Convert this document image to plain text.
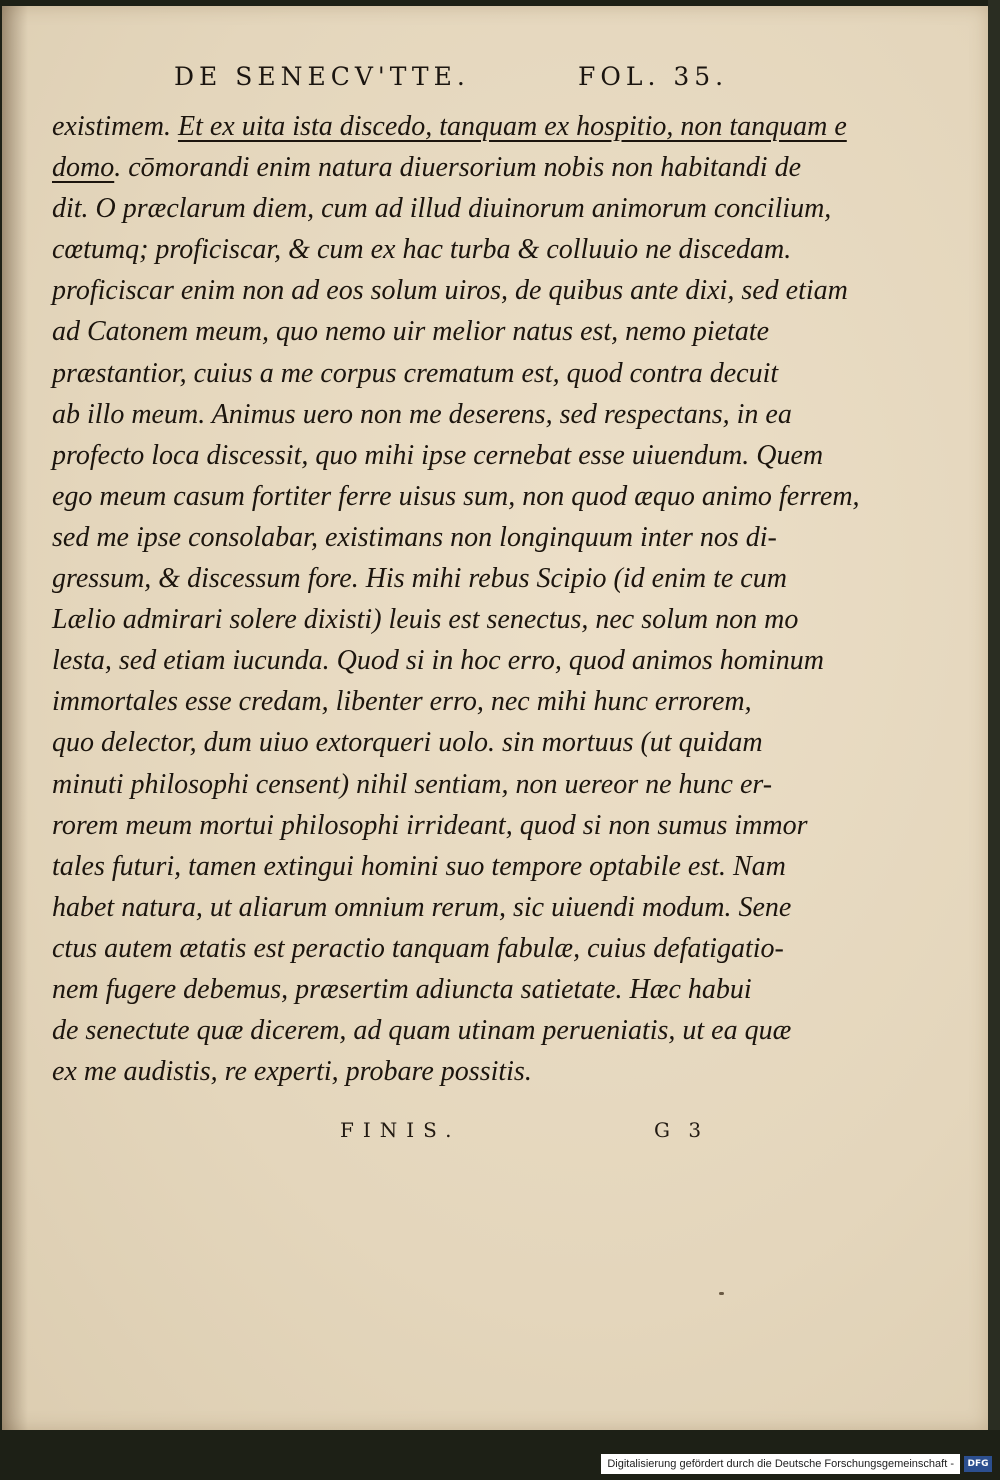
DE SENECV'TTE.	FOL. 35.
existimem. Et ex uita ista discedo, tanquam ex hospitio, non tanquam e
domo. cōmorandi enim natura diuersorium nobis non habitandi de
dit. O præclarum diem, cum ad illud diuinorum animorum concilium,
cœtumq; proficiscar, & cum ex hac turba & colluuio ne discedam.
proficiscar enim non ad eos solum uiros, de quibus ante dixi, sed etiam
ad Catonem meum, quo nemo uir melior natus est, nemo pietate
præstantior, cuius a me corpus crematum est, quod contra decuit
ab illo meum. Animus uero non me deserens, sed respectans, in ea
profecto loca discessit, quo mihi ipse cernebat esse uiuendum. Quem
ego meum casum fortiter ferre uisus sum, non quod æquo animo ferrem,
sed me ipse consolabar, existimans non longinquum inter nos di-
gressum, & discessum fore. His mihi rebus Scipio (id enim te cum
Lælio admirari solere dixisti) leuis est senectus, nec solum non mo
lesta, sed etiam iucunda. Quod si in hoc erro, quod animos hominum
immortales esse credam, libenter erro, nec mihi hunc errorem,
quo delector, dum uiuo extorqueri uolo. sin mortuus (ut quidam
minuti philosophi censent) nihil sentiam, non uereor ne hunc er-
rorem meum mortui philosophi irrideant, quod si non sumus immor
tales futuri, tamen extingui homini suo tempore optabile est. Nam
habet natura, ut aliarum omnium rerum, sic uiuendi modum. Sene
ctus autem ætatis est peractio tanquam fabulæ, cuius defatigatio-
nem fugere debemus, præsertim adiuncta satietate. Hæc habui
de senectute quæ dicerem, ad quam utinam perueniatis, ut ea quæ
ex me audistis, re experti, probare possitis.
FINIS.	G 3
Digitalisierung gefördert durch die Deutsche Forschungsgemeinschaft -	DFG
